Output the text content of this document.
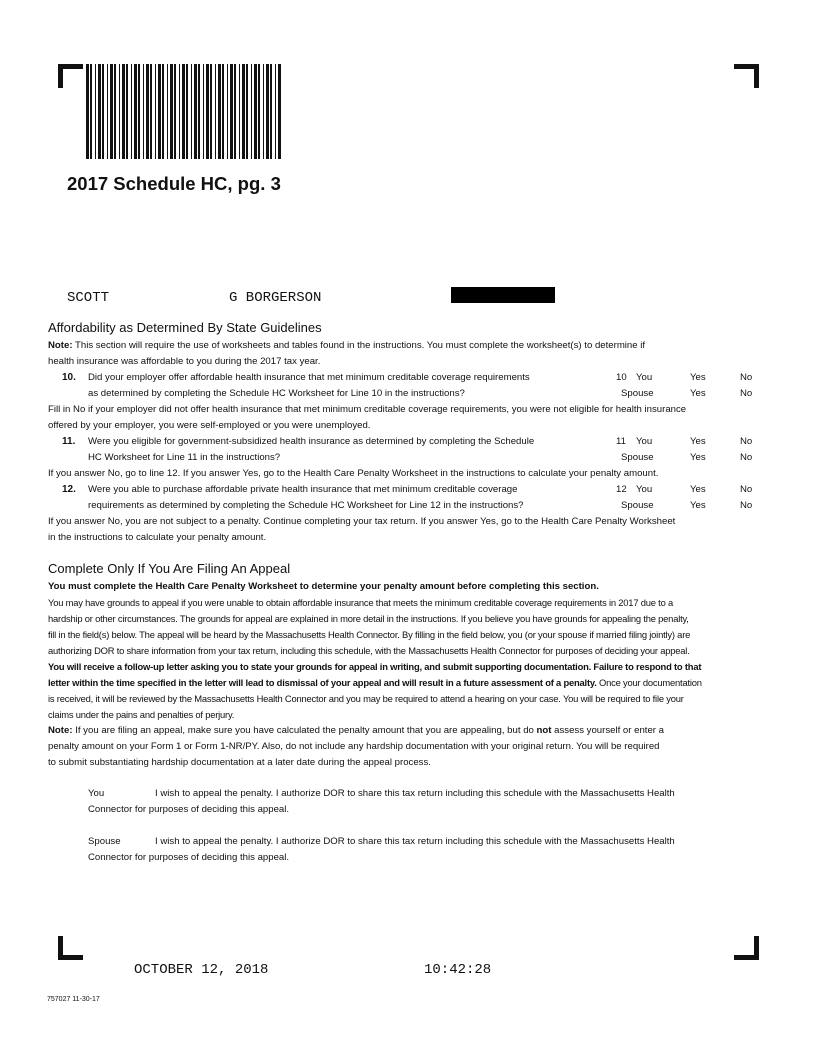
2017 Schedule HC, pg. 3
SCOTT	G BORGERSON
Affordability as Determined By State Guidelines
Note: This section will require the use of worksheets and tables found in the instructions. You must complete the worksheet(s) to determine if
health insurance was affordable to you during the 2017 tax year.
10. Did your employer offer affordable health insurance that met minimum creditable coverage requirements
as determined by completing the Schedule HC Worksheet for Line 10 in the instructions?
10 You	Yes	No
Spouse	Yes	No
Fill in No if your employer did not offer health insurance that met minimum creditable coverage requirements, you were not eligible for health insurance
offered by your employer, you were self-employed or you were unemployed.
11. Were you eligible for government-subsidized health insurance as determined by completing the Schedule
HC Worksheet for Line 11 in the instructions?
11 You	Yes	No
Spouse	Yes	No
If you answer No, go to line 12. If you answer Yes, go to the Health Care Penalty Worksheet in the instructions to calculate your penalty amount.
12. Were you able to purchase affordable private health insurance that met minimum creditable coverage
requirements as determined by completing the Schedule HC Worksheet for Line 12 in the instructions?
12 You	Yes	No
Spouse	Yes	No
If you answer No, you are not subject to a penalty. Continue completing your tax return. If you answer Yes, go to the Health Care Penalty Worksheet
in the instructions to calculate your penalty amount.
Complete Only If You Are Filing An Appeal
You must complete the Health Care Penalty Worksheet to determine your penalty amount before completing this section.
You may have grounds to appeal if you were unable to obtain affordable insurance that meets the minimum creditable coverage requirements in 2017 due to a
hardship or other circumstances. The grounds for appeal are explained in more detail in the instructions. If you believe you have grounds for appealing the penalty,
fill in the field(s) below. The appeal will be heard by the Massachusetts Health Connector. By filling in the field below, you (or your spouse if married filing jointly) are
authorizing DOR to share information from your tax return, including this schedule, with the Massachusetts Health Connector for purposes of deciding your appeal.
You will receive a follow-up letter asking you to state your grounds for appeal in writing, and submit supporting documentation. Failure to respond to that
letter within the time specified in the letter will lead to dismissal of your appeal and will result in a future assessment of a penalty. Once your documentation
is received, it will be reviewed by the Massachusetts Health Connector and you may be required to attend a hearing on your case. You will be required to file your
claims under the pains and penalties of perjury.
Note: If you are filing an appeal, make sure you have calculated the penalty amount that you are appealing, but do not assess yourself or enter a
penalty amount on your Form 1 or Form 1-NR/PY. Also, do not include any hardship documentation with your original return. You will be required
to submit substantiating hardship documentation at a later date during the appeal process.
You	I wish to appeal the penalty. I authorize DOR to share this tax return including this schedule with the Massachusetts Health
Connector for purposes of deciding this appeal.
Spouse	I wish to appeal the penalty. I authorize DOR to share this tax return including this schedule with the Massachusetts Health
Connector for purposes of deciding this appeal.
OCTOBER 12, 2018	10:42:28
757027 11-30-17
